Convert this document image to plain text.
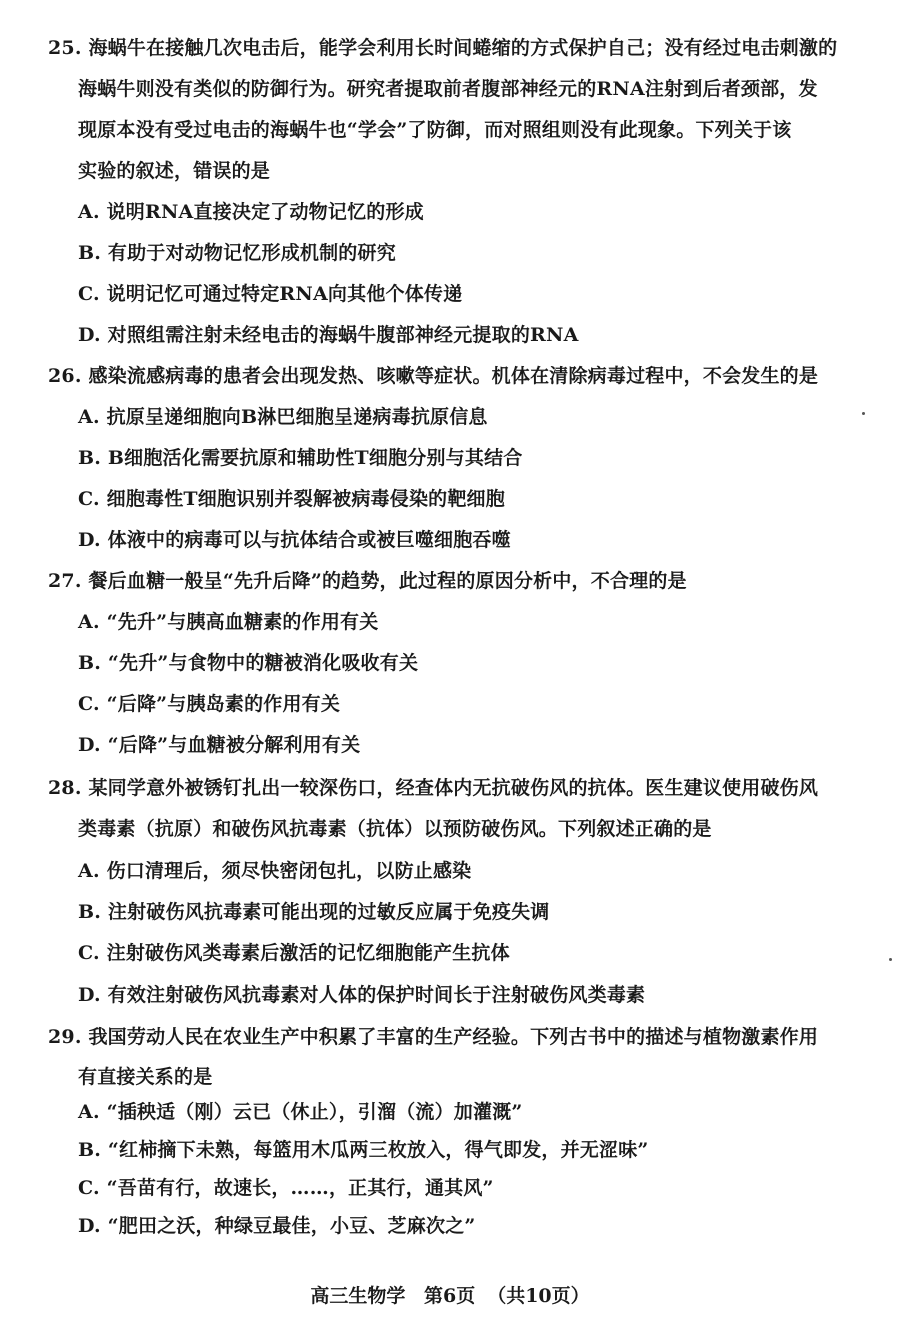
25. 海蜗牛在接触几次电击后，能学会利用长时间蜷缩的方式保护自己；没有经过电击刺激的
海蜗牛则没有类似的防御行为。研究者提取前者腹部神经元的RNA注射到后者颈部，发
现原本没有受过电击的海蜗牛也“学会”了防御，而对照组则没有此现象。下列关于该
实验的叙述，错误的是
A. 说明RNA直接决定了动物记忆的形成
B. 有助于对动物记忆形成机制的研究
C. 说明记忆可通过特定RNA向其他个体传递
D. 对照组需注射未经电击的海蜗牛腹部神经元提取的RNA
26. 感染流感病毒的患者会出现发热、咳嗽等症状。机体在清除病毒过程中，不会发生的是
A. 抗原呈递细胞向B淋巴细胞呈递病毒抗原信息
B. B细胞活化需要抗原和辅助性T细胞分别与其结合
C. 细胞毒性T细胞识别并裂解被病毒侵染的靶细胞
D. 体液中的病毒可以与抗体结合或被巨噬细胞吞噬
27. 餐后血糖一般呈“先升后降”的趋势，此过程的原因分析中，不合理的是
A. “先升”与胰高血糖素的作用有关
B. “先升”与食物中的糖被消化吸收有关
C. “后降”与胰岛素的作用有关
D. “后降”与血糖被分解利用有关
28. 某同学意外被锈钉扎出一较深伤口，经查体内无抗破伤风的抗体。医生建议使用破伤风
类毒素（抗原）和破伤风抗毒素（抗体）以预防破伤风。下列叙述正确的是
A. 伤口清理后，须尽快密闭包扎，以防止感染
B. 注射破伤风抗毒素可能出现的过敏反应属于免疫失调
C. 注射破伤风类毒素后激活的记忆细胞能产生抗体
D. 有效注射破伤风抗毒素对人体的保护时间长于注射破伤风类毒素
29. 我国劳动人民在农业生产中积累了丰富的生产经验。下列古书中的描述与植物激素作用
有直接关系的是
A. “插秧适（刚）云已（休止），引溜（流）加灌溉”
B. “红柿摘下未熟，每篮用木瓜两三枚放入，得气即发，并无涩味”
C. “吾苗有行，故速长，……，正其行，通其风”
D. “肥田之沃，种绿豆最佳，小豆、芝麻次之”
高三生物学 第6页 （共10页）
